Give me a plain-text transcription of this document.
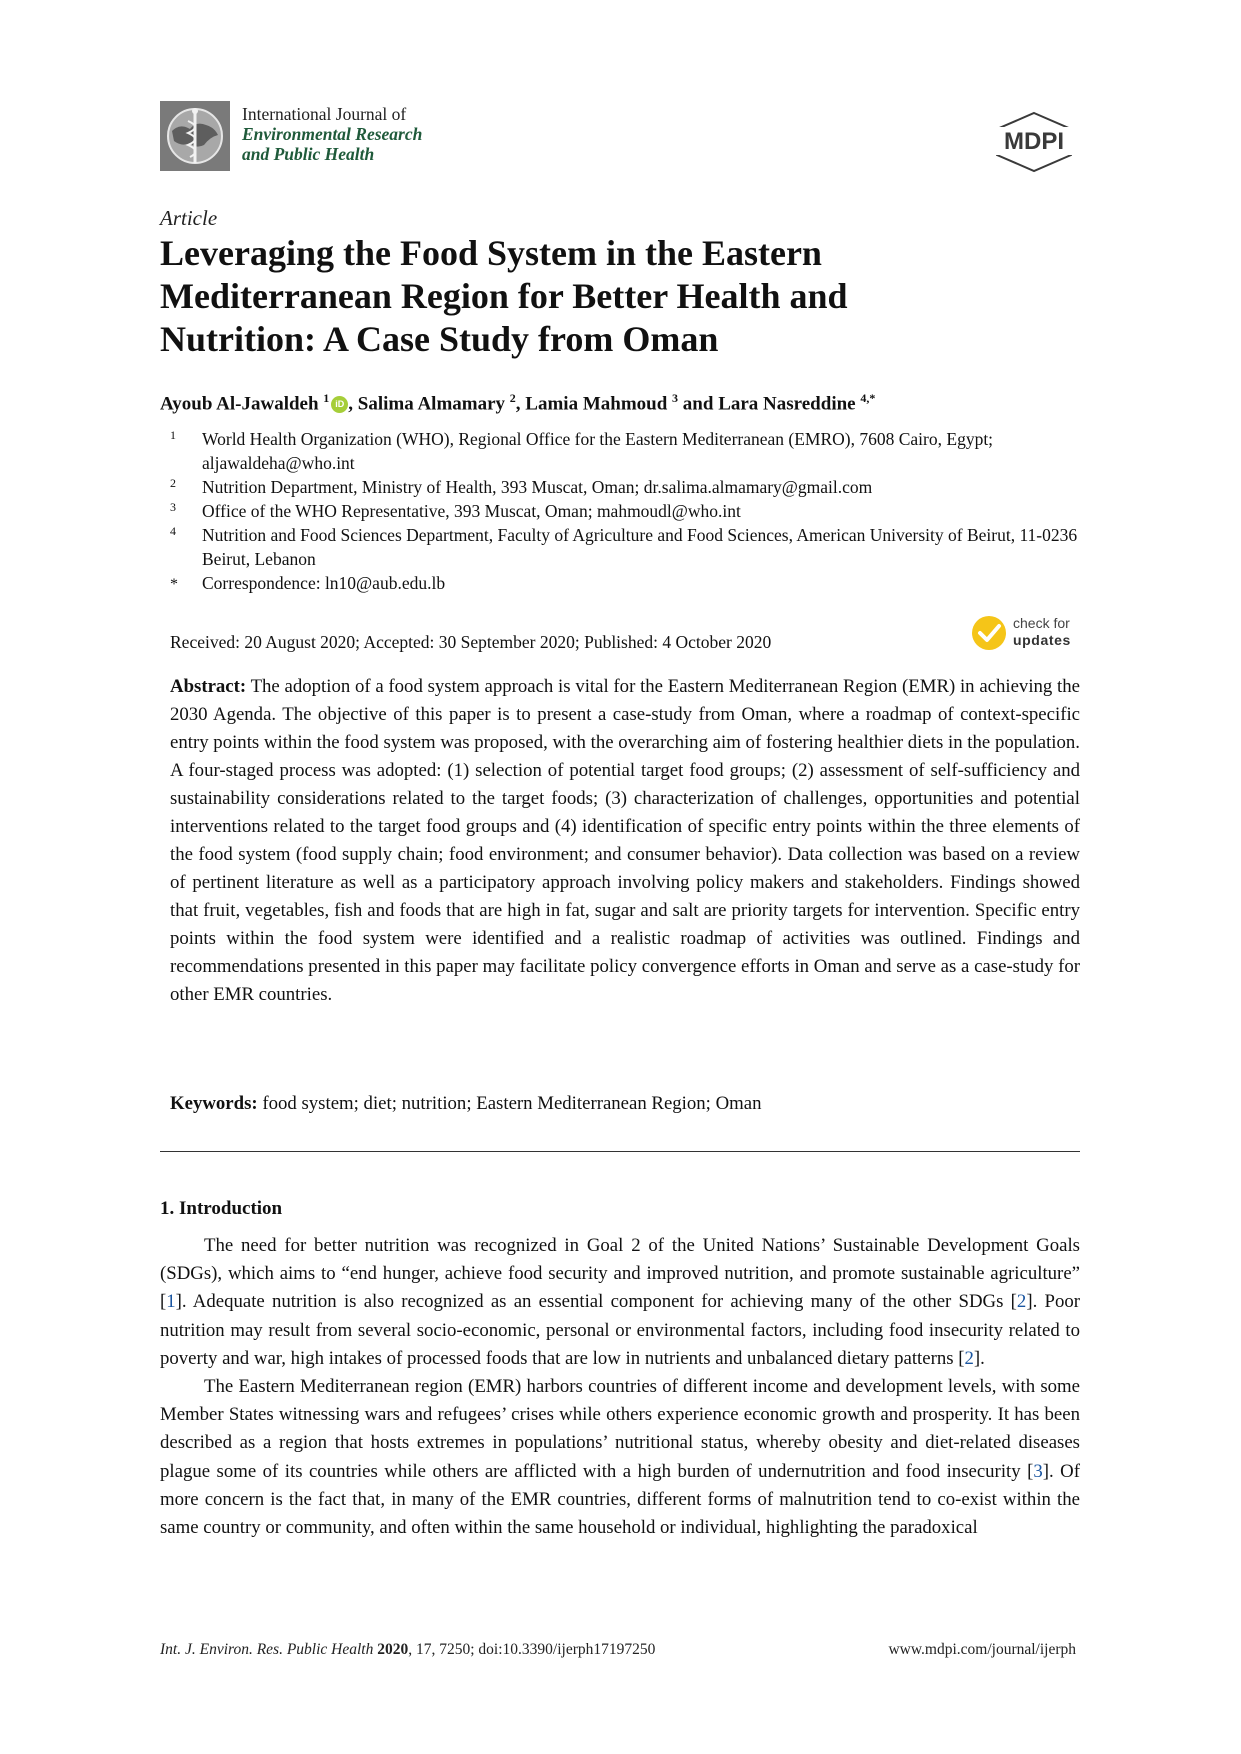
International Journal of
Environmental Research
and Public Health	MDPI
Article
Leveraging the Food System in the Eastern Mediterranean Region for Better Health and Nutrition: A Case Study from Oman
Ayoub Al-Jawaldeh $^1$ iD , Salima Almamary $^2$, Lamia Mahmoud $^3$ and Lara Nasreddine $^{4,*}$
1 World Health Organization (WHO), Regional Office for the Eastern Mediterranean (EMRO), 7608 Cairo, Egypt; aljawaldeha@who.int
2 Nutrition Department, Ministry of Health, 393 Muscat, Oman; dr.salima.almamary@gmail.com
3 Office of the WHO Representative, 393 Muscat, Oman; mahmoudl@who.int
4 Nutrition and Food Sciences Department, Faculty of Agriculture and Food Sciences, American University of Beirut, 11-0236 Beirut, Lebanon
* Correspondence: ln10@aub.edu.lb
Received: 20 August 2020; Accepted: 30 September 2020; Published: 4 October 2020
check for
updates
Abstract: The adoption of a food system approach is vital for the Eastern Mediterranean Region (EMR) in achieving the 2030 Agenda. The objective of this paper is to present a case-study from Oman, where a roadmap of context-specific entry points within the food system was proposed, with the overarching aim of fostering healthier diets in the population. A four-staged process was adopted: (1) selection of potential target food groups; (2) assessment of self-sufficiency and sustainability considerations related to the target foods; (3) characterization of challenges, opportunities and potential interventions related to the target food groups and (4) identification of specific entry points within the three elements of the food system (food supply chain; food environment; and consumer behavior). Data collection was based on a review of pertinent literature as well as a participatory approach involving policy makers and stakeholders. Findings showed that fruit, vegetables, fish and foods that are high in fat, sugar and salt are priority targets for intervention. Specific entry points within the food system were identified and a realistic roadmap of activities was outlined. Findings and recommendations presented in this paper may facilitate policy convergence efforts in Oman and serve as a case-study for other EMR countries.
Keywords: food system; diet; nutrition; Eastern Mediterranean Region; Oman
1. Introduction

The need for better nutrition was recognized in Goal 2 of the United Nations’ Sustainable Development Goals (SDGs), which aims to “end hunger, achieve food security and improved nutrition, and promote sustainable agriculture” [1]. Adequate nutrition is also recognized as an essential component for achieving many of the other SDGs [2]. Poor nutrition may result from several socio-economic, personal or environmental factors, including food insecurity related to poverty and war, high intakes of processed foods that are low in nutrients and unbalanced dietary patterns [2].

The Eastern Mediterranean region (EMR) harbors countries of different income and development levels, with some Member States witnessing wars and refugees’ crises while others experience economic growth and prosperity. It has been described as a region that hosts extremes in populations’ nutritional status, whereby obesity and diet-related diseases plague some of its countries while others are afflicted with a high burden of undernutrition and food insecurity [3]. Of more concern is the fact that, in many of the EMR countries, different forms of malnutrition tend to co-exist within the same country or community, and often within the same household or individual, highlighting the paradoxical

Int. J. Environ. Res. Public Health 2020, 17, 7250; doi:10.3390/ijerph17197250	www.mdpi.com/journal/ijerph
